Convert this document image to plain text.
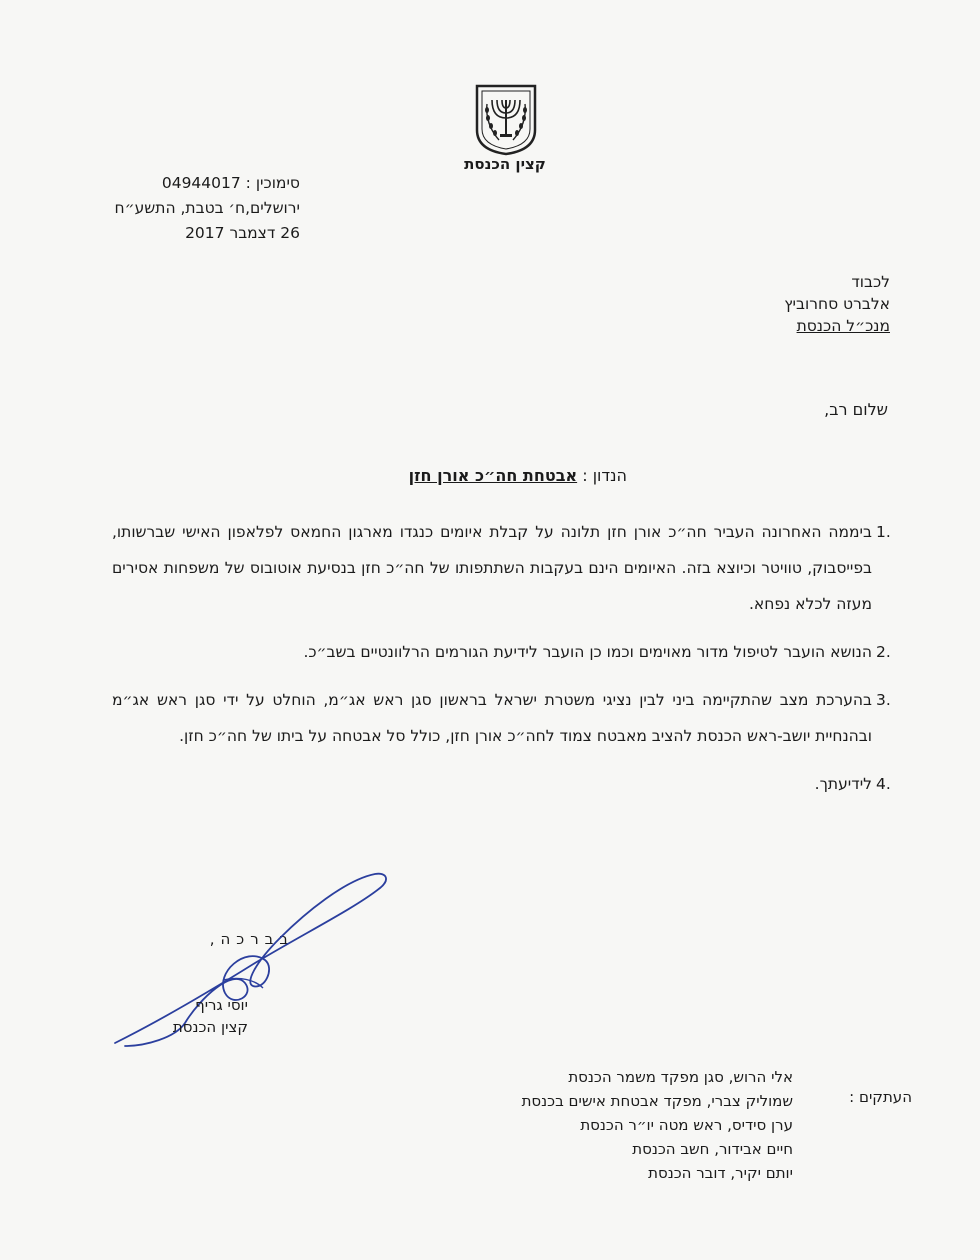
קצין הכנסת
סימוכין : 04944017
ירושלים,ח׳ בטבת, התשע״ח
26 דצמבר 2017
לכבוד
אלברט סחרוביץ
מנכ״ל הכנסת
שלום רב,
הנדון : אבטחת חה״כ אורן חזן
.1
ביממה האחרונה העביר חה״כ אורן חזן תלונה על קבלת איומים כנגדו מארגון החמאס לפלאפון האישי שברשותו, בפייסבוק, טוויטר וכיוצא בזה. האיומים הינם בעקבות השתתפותו של חה״כ חזן בנסיעת אוטובוס של משפחות אסירים מעזה לכלא נפחא.
.2
הנושא הועבר לטיפול מדור מאוימים וכמו כן הועבר לידיעת הגורמים הרלוונטיים בשב״כ.
.3
בהערכת מצב שהתקיימה ביני לבין נציגי משטרת ישראל בראשון סגן ראש אג״מ, הוחלט על ידי סגן ראש אג״מ ובהנחיית יושב-ראש הכנסת להציב מאבטח צמוד לחה״כ אורן חזן, כולל סל אבטחה על ביתו של חה״כ חזן.
.4
לידיעתך.
בברכה,
יוסי גריף
קצין הכנסת
העתקים :
אלי הרוש, סגן מפקד משמר הכנסת
שמוליק צברי, מפקד אבטחת אישים בכנסת
ערן סידיס, ראש מטה יו״ר הכנסת
חיים אבידור, חשב הכנסת
יותם יקיר, דובר הכנסת
